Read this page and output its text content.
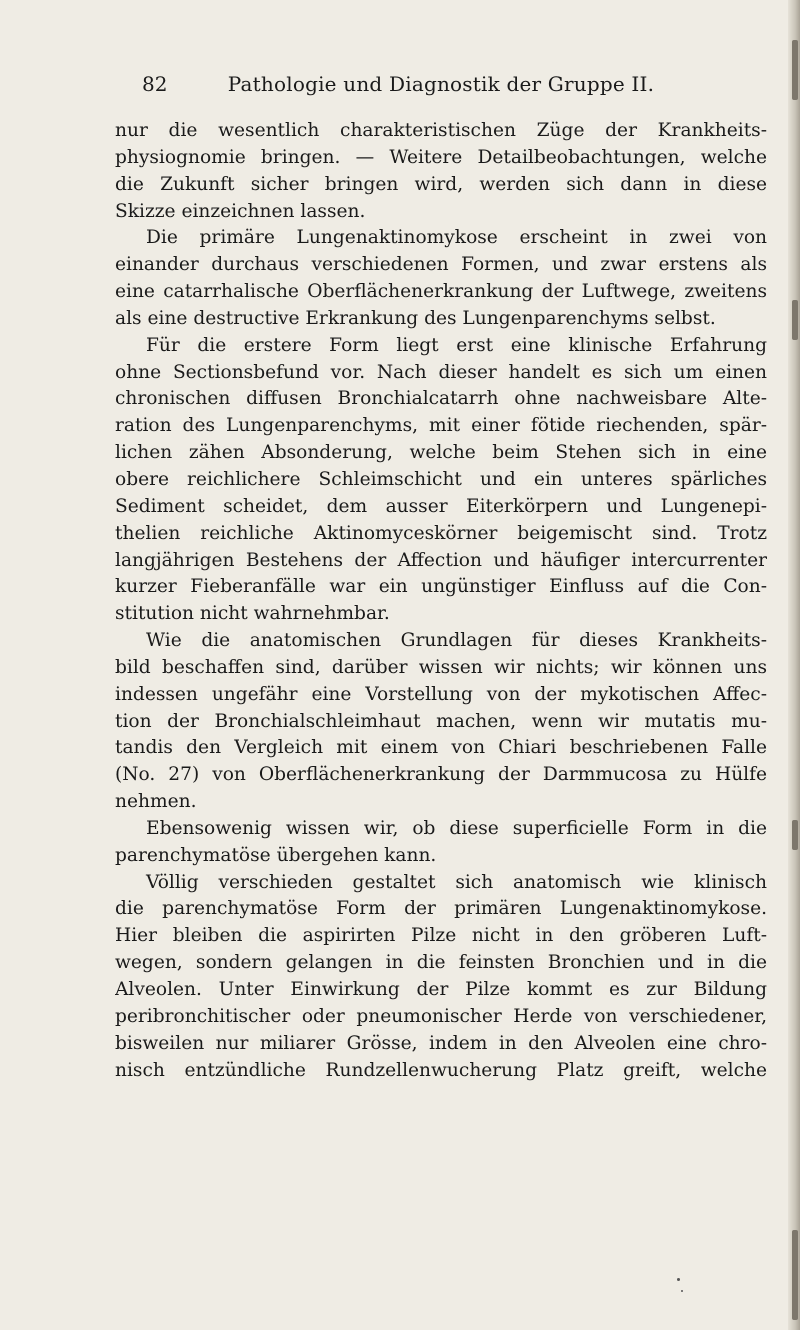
82	Pathologie und Diagnostik der Gruppe II.
nur die wesentlich charakteristischen Züge der Krankheits-
physiognomie bringen. — Weitere Detailbeobachtungen, welche
die Zukunft sicher bringen wird, werden sich dann in diese
Skizze einzeichnen lassen.
Die primäre Lungenaktinomykose erscheint in zwei von
einander durchaus verschiedenen Formen, und zwar erstens als
eine catarrhalische Oberflächenerkrankung der Luftwege, zweitens
als eine destructive Erkrankung des Lungenparenchyms selbst.
Für die erstere Form liegt erst eine klinische Erfahrung
ohne Sectionsbefund vor. Nach dieser handelt es sich um einen
chronischen diffusen Bronchialcatarrh ohne nachweisbare Alte-
ration des Lungenparenchyms, mit einer fötide riechenden, spär-
lichen zähen Absonderung, welche beim Stehen sich in eine
obere reichlichere Schleimschicht und ein unteres spärliches
Sediment scheidet, dem ausser Eiterkörpern und Lungenepi-
thelien reichliche Aktinomyceskörner beigemischt sind. Trotz
langjährigen Bestehens der Affection und häufiger intercurrenter
kurzer Fieberanfälle war ein ungünstiger Einfluss auf die Con-
stitution nicht wahrnehmbar.
Wie die anatomischen Grundlagen für dieses Krankheits-
bild beschaffen sind, darüber wissen wir nichts; wir können uns
indessen ungefähr eine Vorstellung von der mykotischen Affec-
tion der Bronchialschleimhaut machen, wenn wir mutatis mu-
tandis den Vergleich mit einem von Chiari beschriebenen Falle
(No. 27) von Oberflächenerkrankung der Darmmucosa zu Hülfe
nehmen.
Ebensowenig wissen wir, ob diese superficielle Form in die
parenchymatöse übergehen kann.
Völlig verschieden gestaltet sich anatomisch wie klinisch
die parenchymatöse Form der primären Lungenaktinomykose.
Hier bleiben die aspirirten Pilze nicht in den gröberen Luft-
wegen, sondern gelangen in die feinsten Bronchien und in die
Alveolen. Unter Einwirkung der Pilze kommt es zur Bildung
peribronchitischer oder pneumonischer Herde von verschiedener,
bisweilen nur miliarer Grösse, indem in den Alveolen eine chro-
nisch entzündliche Rundzellenwucherung Platz greift, welche
